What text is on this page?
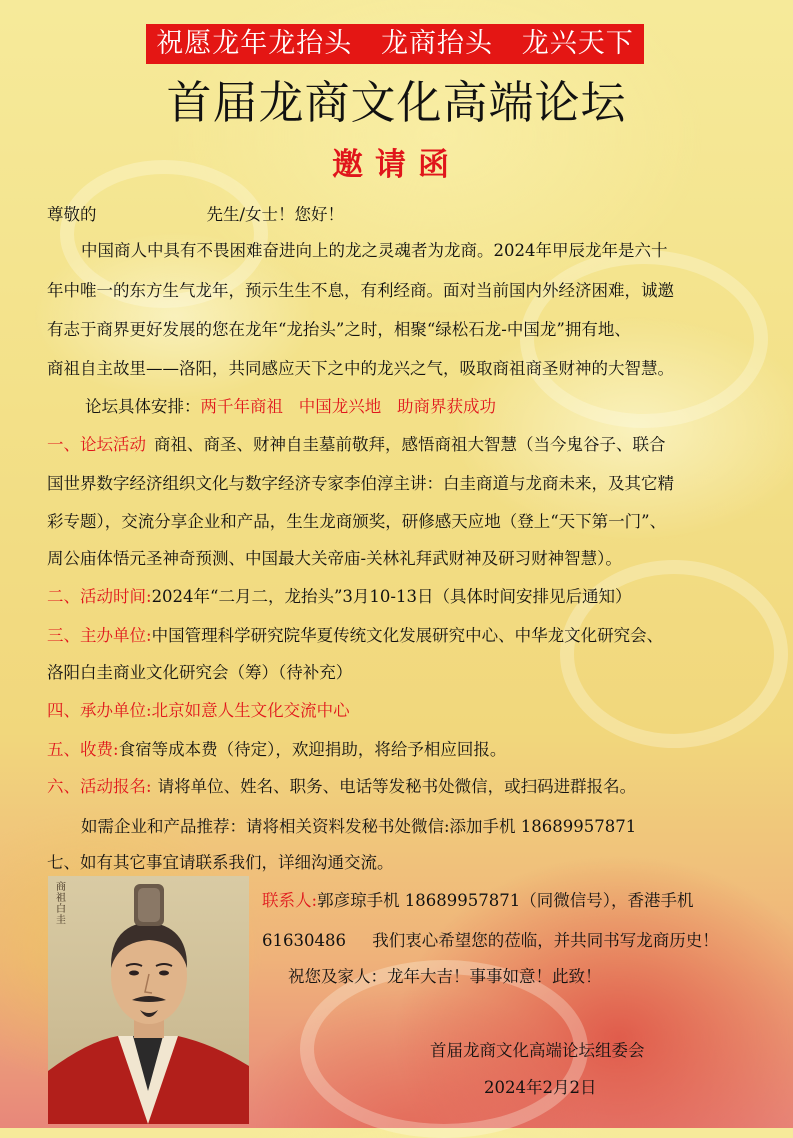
祝愿龙年龙抬头   龙商抬头   龙兴天下
首届龙商文化高端论坛
邀请函
尊敬的	先生/女士！您好！
中国商人中具有不畏困难奋进向上的龙之灵魂者为龙商。2024年甲辰龙年是六十
年中唯一的东方生气龙年，预示生生不息，有利经商。面对当前国内外经济困难，诚邀
有志于商界更好发展的您在龙年“龙抬头”之时，相聚“绿松石龙-中国龙”拥有地、
商祖自主故里——洛阳，共同感应天下之中的龙兴之气，吸取商祖商圣财神的大智慧。
论坛具体安排：两千年商祖   中国龙兴地   助商界获成功
一、论坛活动 商祖、商圣、财神自圭墓前敬拜，感悟商祖大智慧（当今鬼谷子、联合
国世界数字经济组织文化与数字经济专家李伯淳主讲：白圭商道与龙商未来，及其它精
彩专题），交流分享企业和产品，生生龙商颁奖，研修感天应地（登上“天下第一门”、
周公庙体悟元圣神奇预测、中国最大关帝庙-关林礼拜武财神及研习财神智慧）。
二、活动时间:2024年“二月二，龙抬头”3月10-13日（具体时间安排见后通知）
三、主办单位:中国管理科学研究院华夏传统文化发展研究中心、中华龙文化研究会、
洛阳白圭商业文化研究会（筹）（待补充）
四、承办单位:北京如意人生文化交流中心
五、收费:食宿等成本费（待定），欢迎捐助，将给予相应回报。
六、活动报名: 请将单位、姓名、职务、电话等发秘书处微信，或扫码进群报名。
如需企业和产品推荐：请将相关资料发秘书处微信:添加手机 18689957871
七、如有其它事宜请联系我们，详细沟通交流。
商祖白圭
联系人:郭彦琼手机 18689957871（同微信号），香港手机
61630486     我们衷心希望您的莅临，并共同书写龙商历史！
祝您及家人：龙年大吉！事事如意！此致！
首届龙商文化高端论坛组委会
2024年2月2日
